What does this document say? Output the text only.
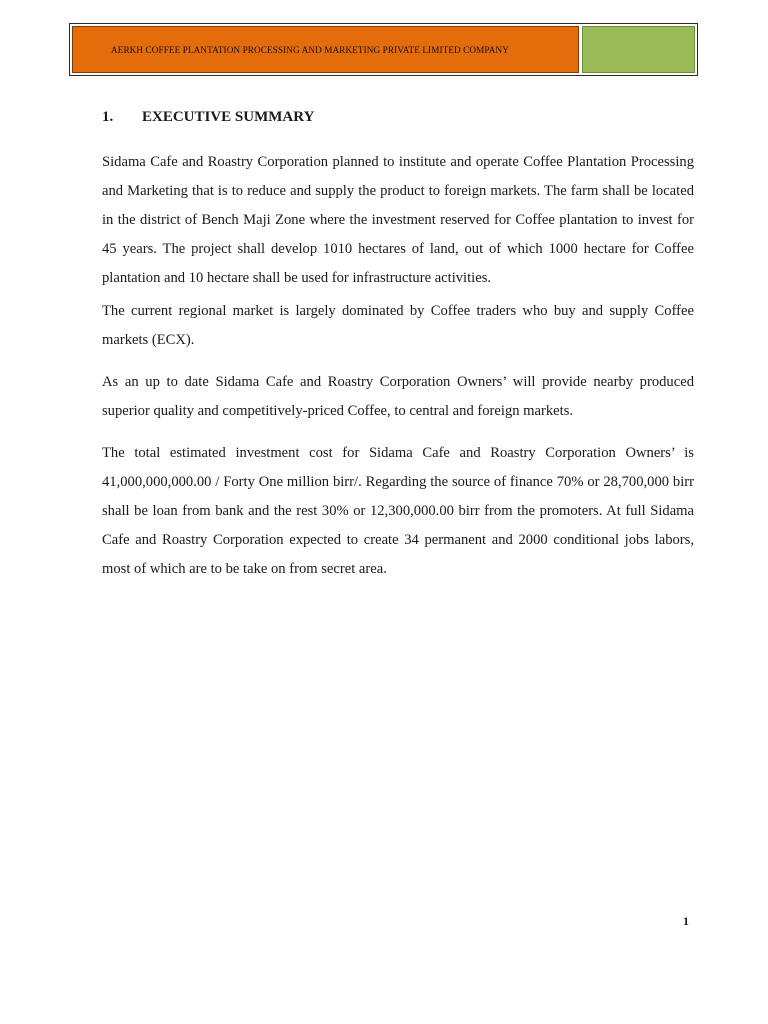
AERKH COFFEE PLANTATION PROCESSING AND MARKETING PRIVATE LIMITED COMPANY
1. EXECUTIVE SUMMARY

Sidama Cafe and Roastry Corporation planned to institute and operate Coffee Plantation Processing and Marketing that is to reduce and supply the product to foreign markets. The farm shall be located in the district of Bench Maji Zone where the investment reserved for Coffee plantation to invest for 45 years. The project shall develop 1010 hectares of land, out of which 1000 hectare for Coffee plantation and 10 hectare shall be used for infrastructure activities.

The current regional market is largely dominated by Coffee traders who buy and supply Coffee markets (ECX).

As an up to date Sidama Cafe and Roastry Corporation Owners’ will provide nearby produced superior quality and competitively-priced Coffee, to central and foreign markets.

The total estimated investment cost for Sidama Cafe and Roastry Corporation Owners’ is 41,000,000,000.00 / Forty One million birr/. Regarding the source of finance 70% or 28,700,000 birr shall be loan from bank and the rest 30% or 12,300,000.00 birr from the promoters. At full Sidama Cafe and Roastry Corporation expected to create 34 permanent and 2000 conditional jobs labors, most of which are to be take on from secret area.

1
